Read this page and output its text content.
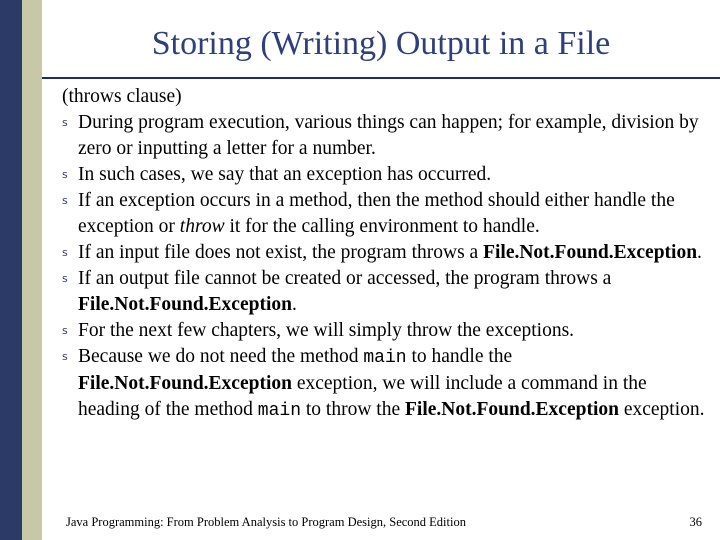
Storing (Writing) Output in a File

(throws clause)

s During program execution, various things can happen; for example, division by zero or inputting a letter for a number.
s In such cases, we say that an exception has occurred.
s If an exception occurs in a method, then the method should either handle the exception or throw it for the calling environment to handle.
s If an input file does not exist, the program throws a File.Not.Found.Exception.
s If an output file cannot be created or accessed, the program throws a File.Not.Found.Exception.
s For the next few chapters, we will simply throw the exceptions.
s Because we do not need the method main to handle the File.Not.Found.Exception exception, we will include a command in the heading of the method main to throw the File.Not.Found.Exception exception.
Java Programming: From Problem Analysis to Program Design, Second Edition	36
